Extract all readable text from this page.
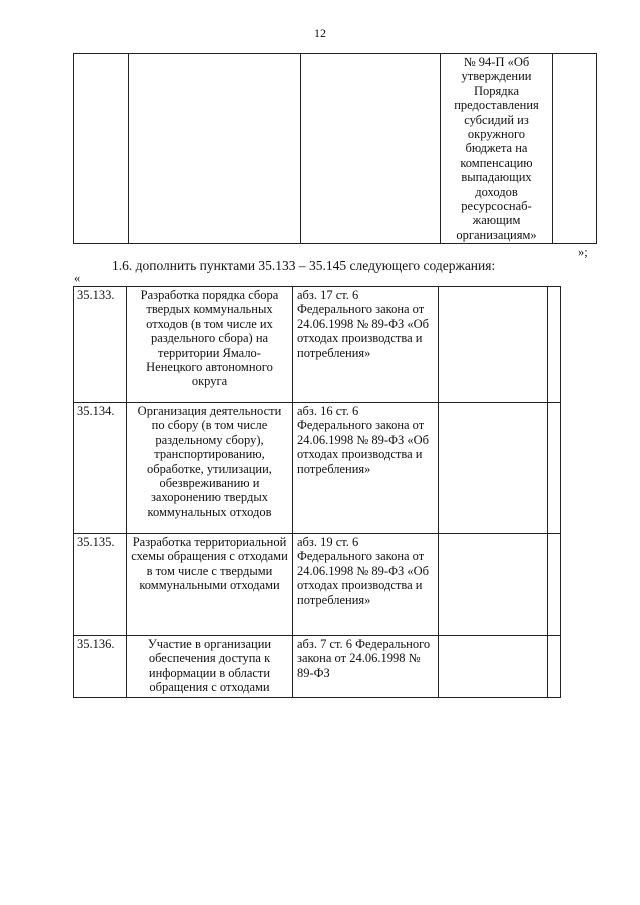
12
			№ 94-П «Об утверждении Порядка предоставления субсидий из окружного бюджета на компенсацию выпадающих доходов ресурсоснаб-жающим организациям»	
»;
1.6. дополнить пунктами 35.133 – 35.145 следующего содержания:
«
35.133.	Разработка порядка сбора твердых коммунальных отходов (в том числе их раздельного сбора) на территории Ямало-Ненецкого автономного округа	абз. 17 ст. 6 Федерального закона от 24.06.1998 № 89-ФЗ «Об отходах производства и потребления»		
35.134.	Организация деятельности по сбору (в том числе раздельному сбору), транспортированию, обработке, утилизации, обезвреживанию и захоронению твердых коммунальных отходов	абз. 16 ст. 6 Федерального закона от 24.06.1998 № 89-ФЗ «Об отходах производства и потребления»		
35.135.	Разработка территориальной схемы обращения с отходами в том числе с твердыми коммунальными отходами	абз. 19 ст. 6 Федерального закона от 24.06.1998 № 89-ФЗ «Об отходах производства и потребления»		
35.136.	Участие в организации обеспечения доступа к информации в области обращения с отходами	абз. 7 ст. 6 Федерального закона от 24.06.1998 № 89-ФЗ		
